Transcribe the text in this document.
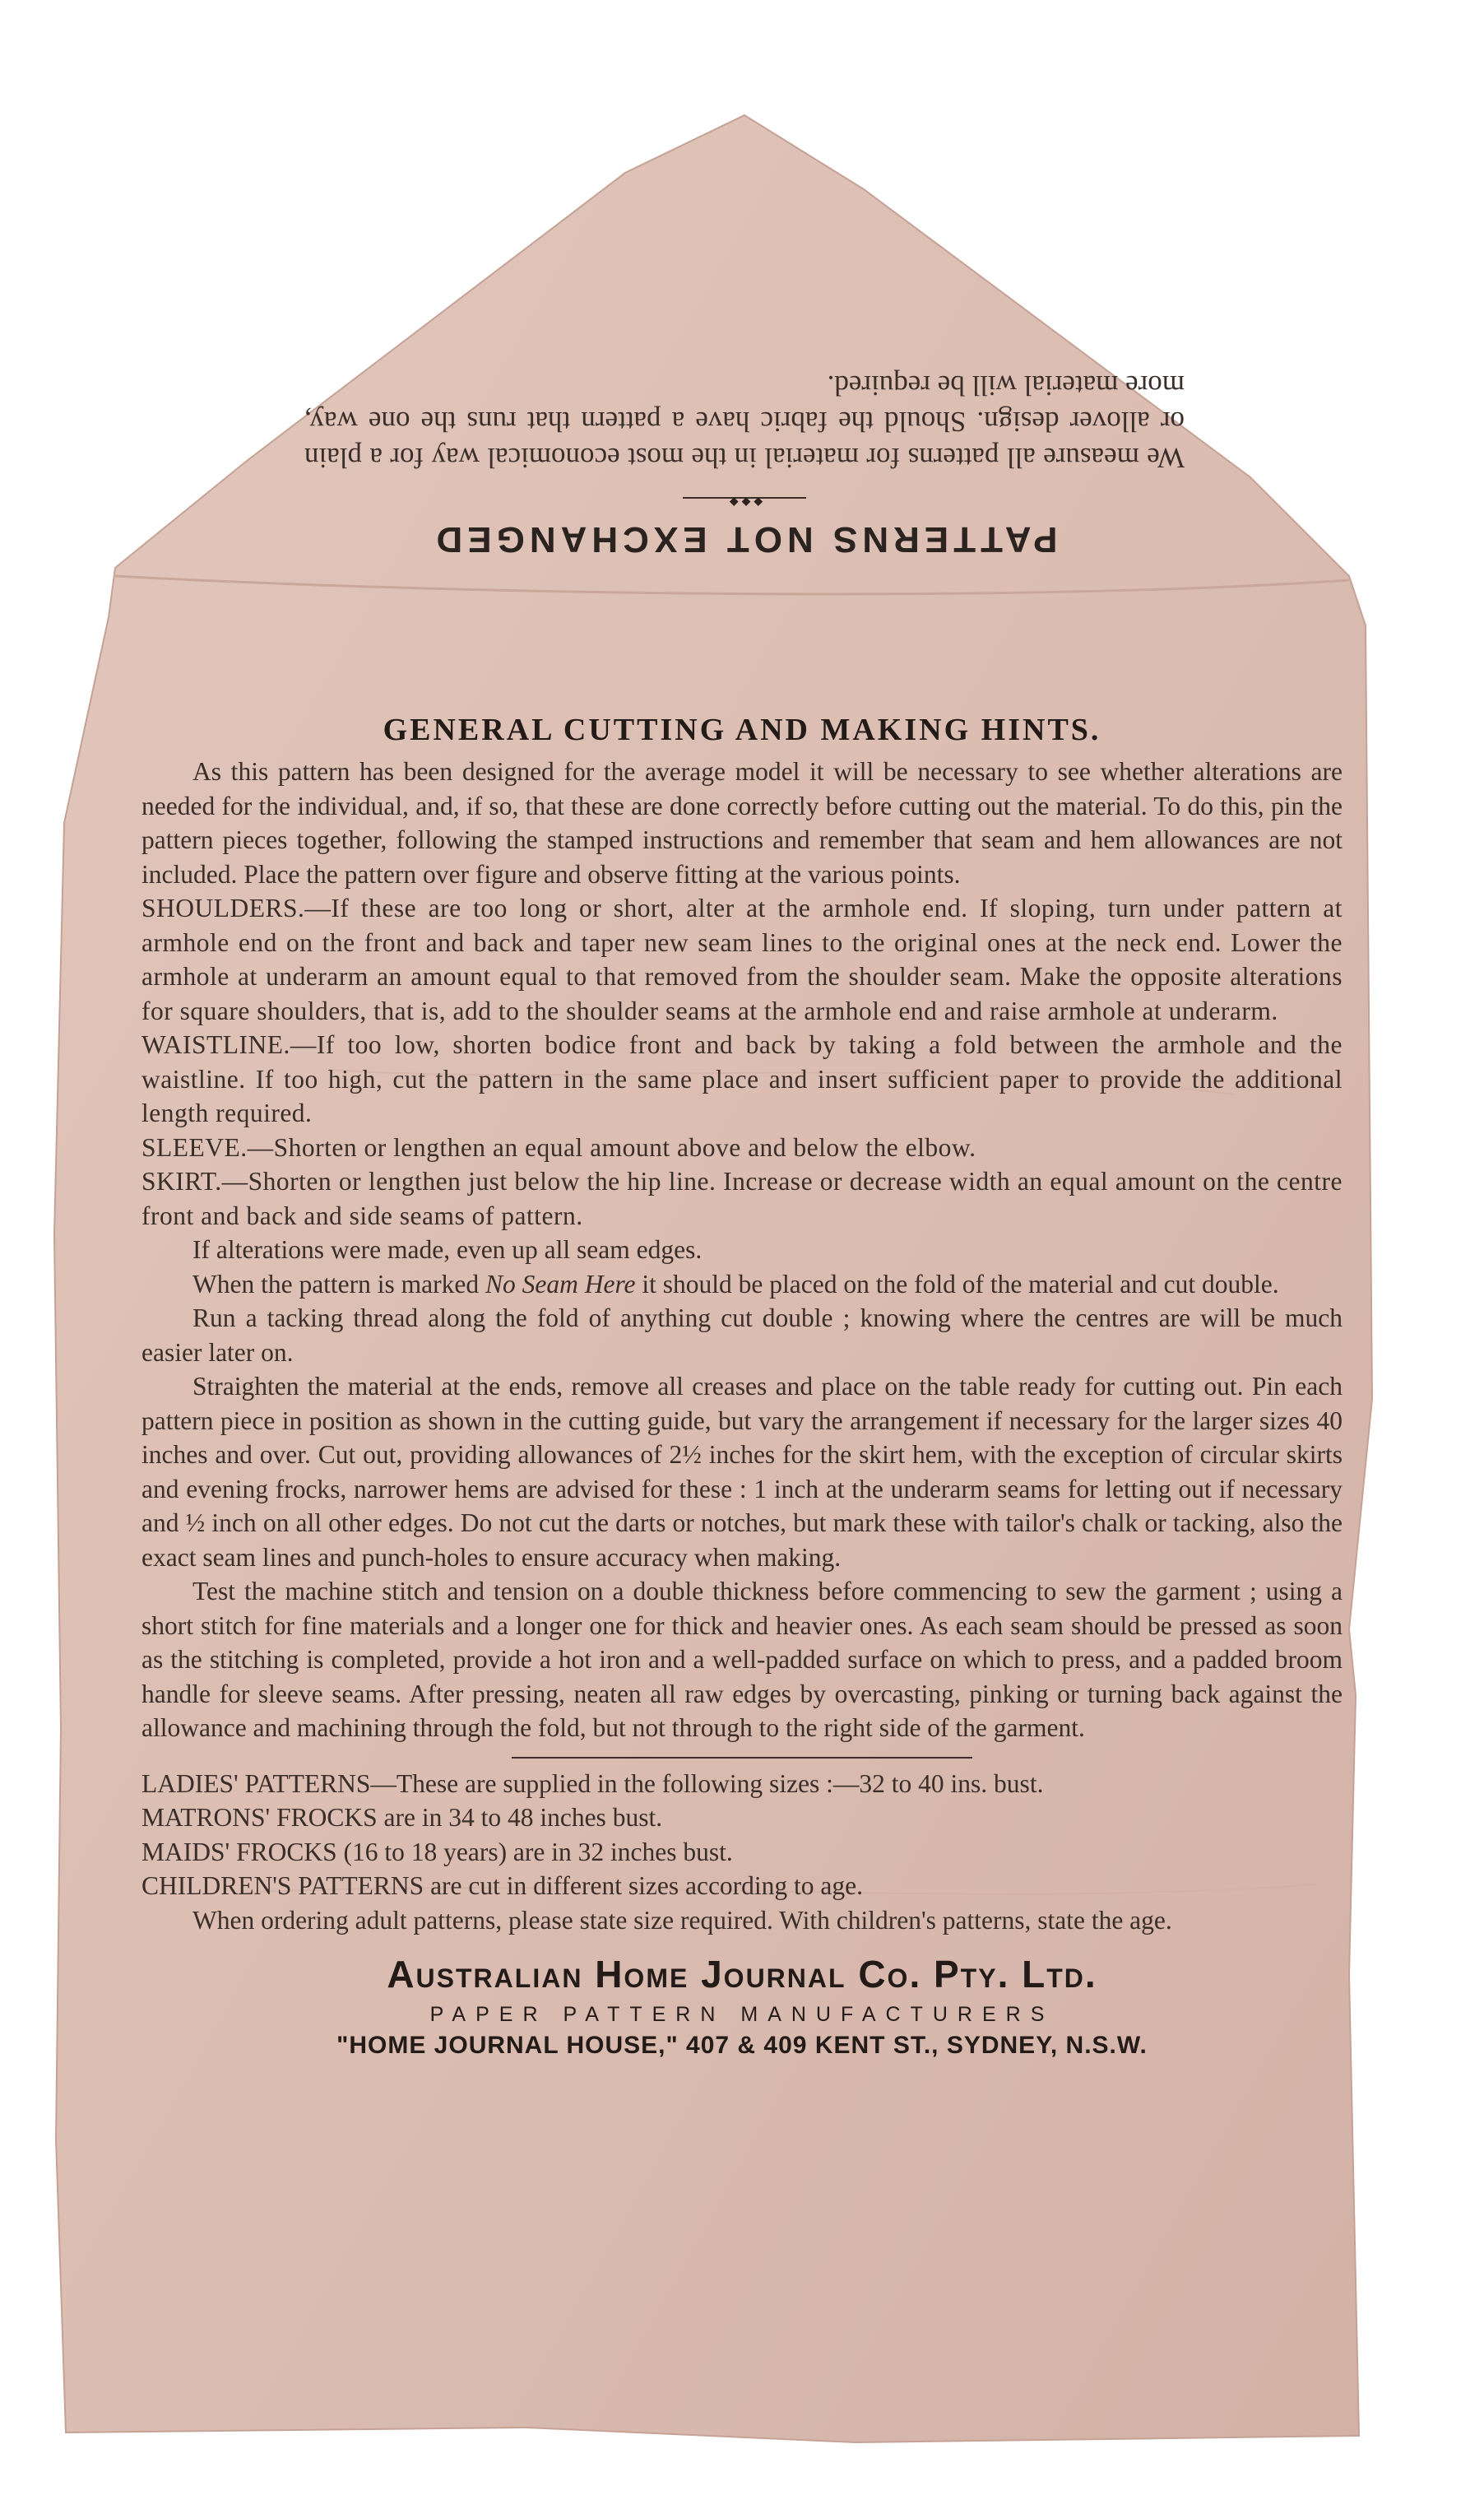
PATTERNS NOT EXCHANGED

◆◆◆

We measure all patterns for material in the most economical way for a plain or allover design. Should the fabric have a pattern that runs the one way, more material will be required.

GENERAL CUTTING AND MAKING HINTS.

As this pattern has been designed for the average model it will be necessary to see whether alterations are needed for the individual, and, if so, that these are done correctly before cutting out the material. To do this, pin the pattern pieces together, following the stamped instructions and remember that seam and hem allowances are not included. Place the pattern over figure and observe fitting at the various points.

SHOULDERS.—If these are too long or short, alter at the armhole end. If sloping, turn under pattern at armhole end on the front and back and taper new seam lines to the original ones at the neck end. Lower the armhole at underarm an amount equal to that removed from the shoulder seam. Make the opposite alterations for square shoulders, that is, add to the shoulder seams at the armhole end and raise armhole at underarm.

WAISTLINE.—If too low, shorten bodice front and back by taking a fold between the armhole and the waistline. If too high, cut the pattern in the same place and insert sufficient paper to provide the additional length required.

SLEEVE.—Shorten or lengthen an equal amount above and below the elbow.

SKIRT.—Shorten or lengthen just below the hip line. Increase or decrease width an equal amount on the centre front and back and side seams of pattern.

If alterations were made, even up all seam edges.

When the pattern is marked No Seam Here it should be placed on the fold of the material and cut double.

Run a tacking thread along the fold of anything cut double ; knowing where the centres are will be much easier later on.

Straighten the material at the ends, remove all creases and place on the table ready for cutting out. Pin each pattern piece in position as shown in the cutting guide, but vary the arrangement if necessary for the larger sizes 40 inches and over. Cut out, providing allowances of 2½ inches for the skirt hem, with the exception of circular skirts and evening frocks, narrower hems are advised for these : 1 inch at the underarm seams for letting out if necessary and ½ inch on all other edges. Do not cut the darts or notches, but mark these with tailor's chalk or tacking, also the exact seam lines and punch-holes to ensure accuracy when making.

Test the machine stitch and tension on a double thickness before commencing to sew the garment ; using a short stitch for fine materials and a longer one for thick and heavier ones. As each seam should be pressed as soon as the stitching is completed, provide a hot iron and a well-padded surface on which to press, and a padded broom handle for sleeve seams. After pressing, neaten all raw edges by overcasting, pinking or turning back against the allowance and machining through the fold, but not through to the right side of the garment.

LADIES' PATTERNS—These are supplied in the following sizes :—32 to 40 ins. bust.

MATRONS' FROCKS are in 34 to 48 inches bust.

MAIDS' FROCKS (16 to 18 years) are in 32 inches bust.

CHILDREN'S PATTERNS are cut in different sizes according to age.

When ordering adult patterns, please state size required. With children's patterns, state the age.

Australian Home Journal Co. Pty. Ltd.

PAPER PATTERN MANUFACTURERS

"HOME JOURNAL HOUSE," 407 & 409 KENT ST., SYDNEY, N.S.W.
